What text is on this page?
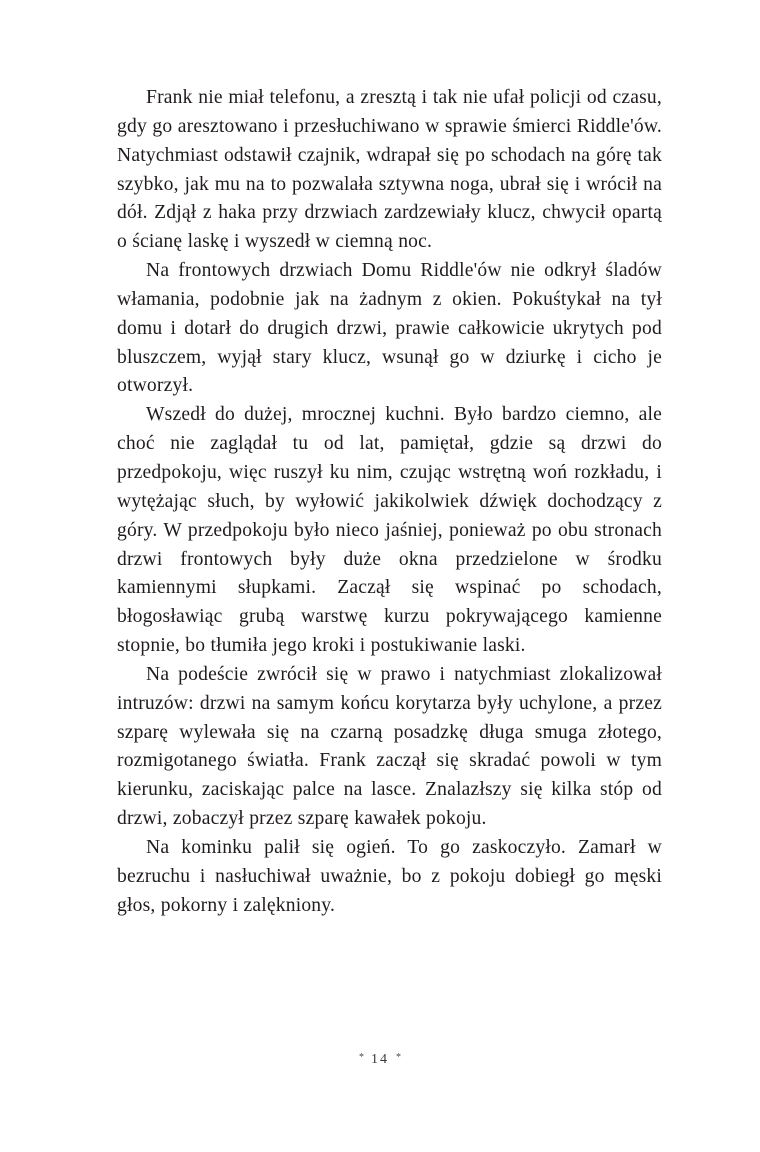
Frank nie miał telefonu, a zresztą i tak nie ufał policji od czasu, gdy go aresztowano i przesłuchiwano w sprawie śmierci Riddle'ów. Natychmiast odstawił czajnik, wdrapał się po schodach na górę tak szybko, jak mu na to pozwalała sztywna noga, ubrał się i wrócił na dół. Zdjął z haka przy drzwiach zardzewiały klucz, chwycił opartą o ścianę laskę i wyszedł w ciemną noc.

Na frontowych drzwiach Domu Riddle'ów nie odkrył śladów włamania, podobnie jak na żadnym z okien. Pokuśtykał na tył domu i dotarł do drugich drzwi, prawie całkowicie ukrytych pod bluszczem, wyjął stary klucz, wsunął go w dziurkę i cicho je otworzył.

Wszedł do dużej, mrocznej kuchni. Było bardzo ciemno, ale choć nie zaglądał tu od lat, pamiętał, gdzie są drzwi do przedpokoju, więc ruszył ku nim, czując wstrętną woń rozkładu, i wytężając słuch, by wyłowić jakikolwiek dźwięk dochodzący z góry. W przedpokoju było nieco jaśniej, ponieważ po obu stronach drzwi frontowych były duże okna przedzielone w środku kamiennymi słupkami. Zaczął się wspinać po schodach, błogosławiąc grubą warstwę kurzu pokrywającego kamienne stopnie, bo tłumiła jego kroki i postukiwanie laski.

Na podeście zwrócił się w prawo i natychmiast zlokalizował intruzów: drzwi na samym końcu korytarza były uchylone, a przez szparę wylewała się na czarną posadzkę długa smuga złotego, rozmigotanego światła. Frank zaczął się skradać powoli w tym kierunku, zaciskając palce na lasce. Znalazłszy się kilka stóp od drzwi, zobaczył przez szparę kawałek pokoju.

Na kominku palił się ogień. To go zaskoczyło. Zamarł w bezruchu i nasłuchiwał uważnie, bo z pokoju dobiegł go męski głos, pokorny i zalękniony.

* 14 *
